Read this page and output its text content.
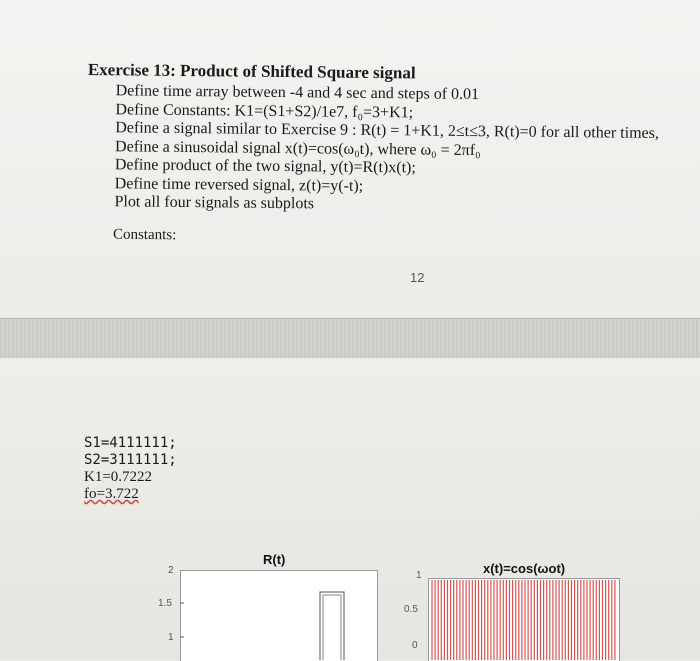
Exercise 13: Product of Shifted Square signal

Define time array between -4 and 4 sec and steps of 0.01
Define Constants: K1=(S1+S2)/1e7, f₀=3+K1;
Define a signal similar to Exercise 9 : R(t) = 1+K1, 2≤t≤3, R(t)=0 for all other times,
Define a sinusoidal signal x(t)=cos(ω₀t), where ω₀ = 2πf₀
Define product of the two signal, y(t)=R(t)x(t);
Define time reversed signal, z(t)=y(-t);
Plot all four signals as subplots
Constants:
12
S1=4111111;
S2=3111111;
K1=0.7222
fo=3.722
R(t)
2
1.5
1
x(t)=cos(ωot)
1
0.5
0
